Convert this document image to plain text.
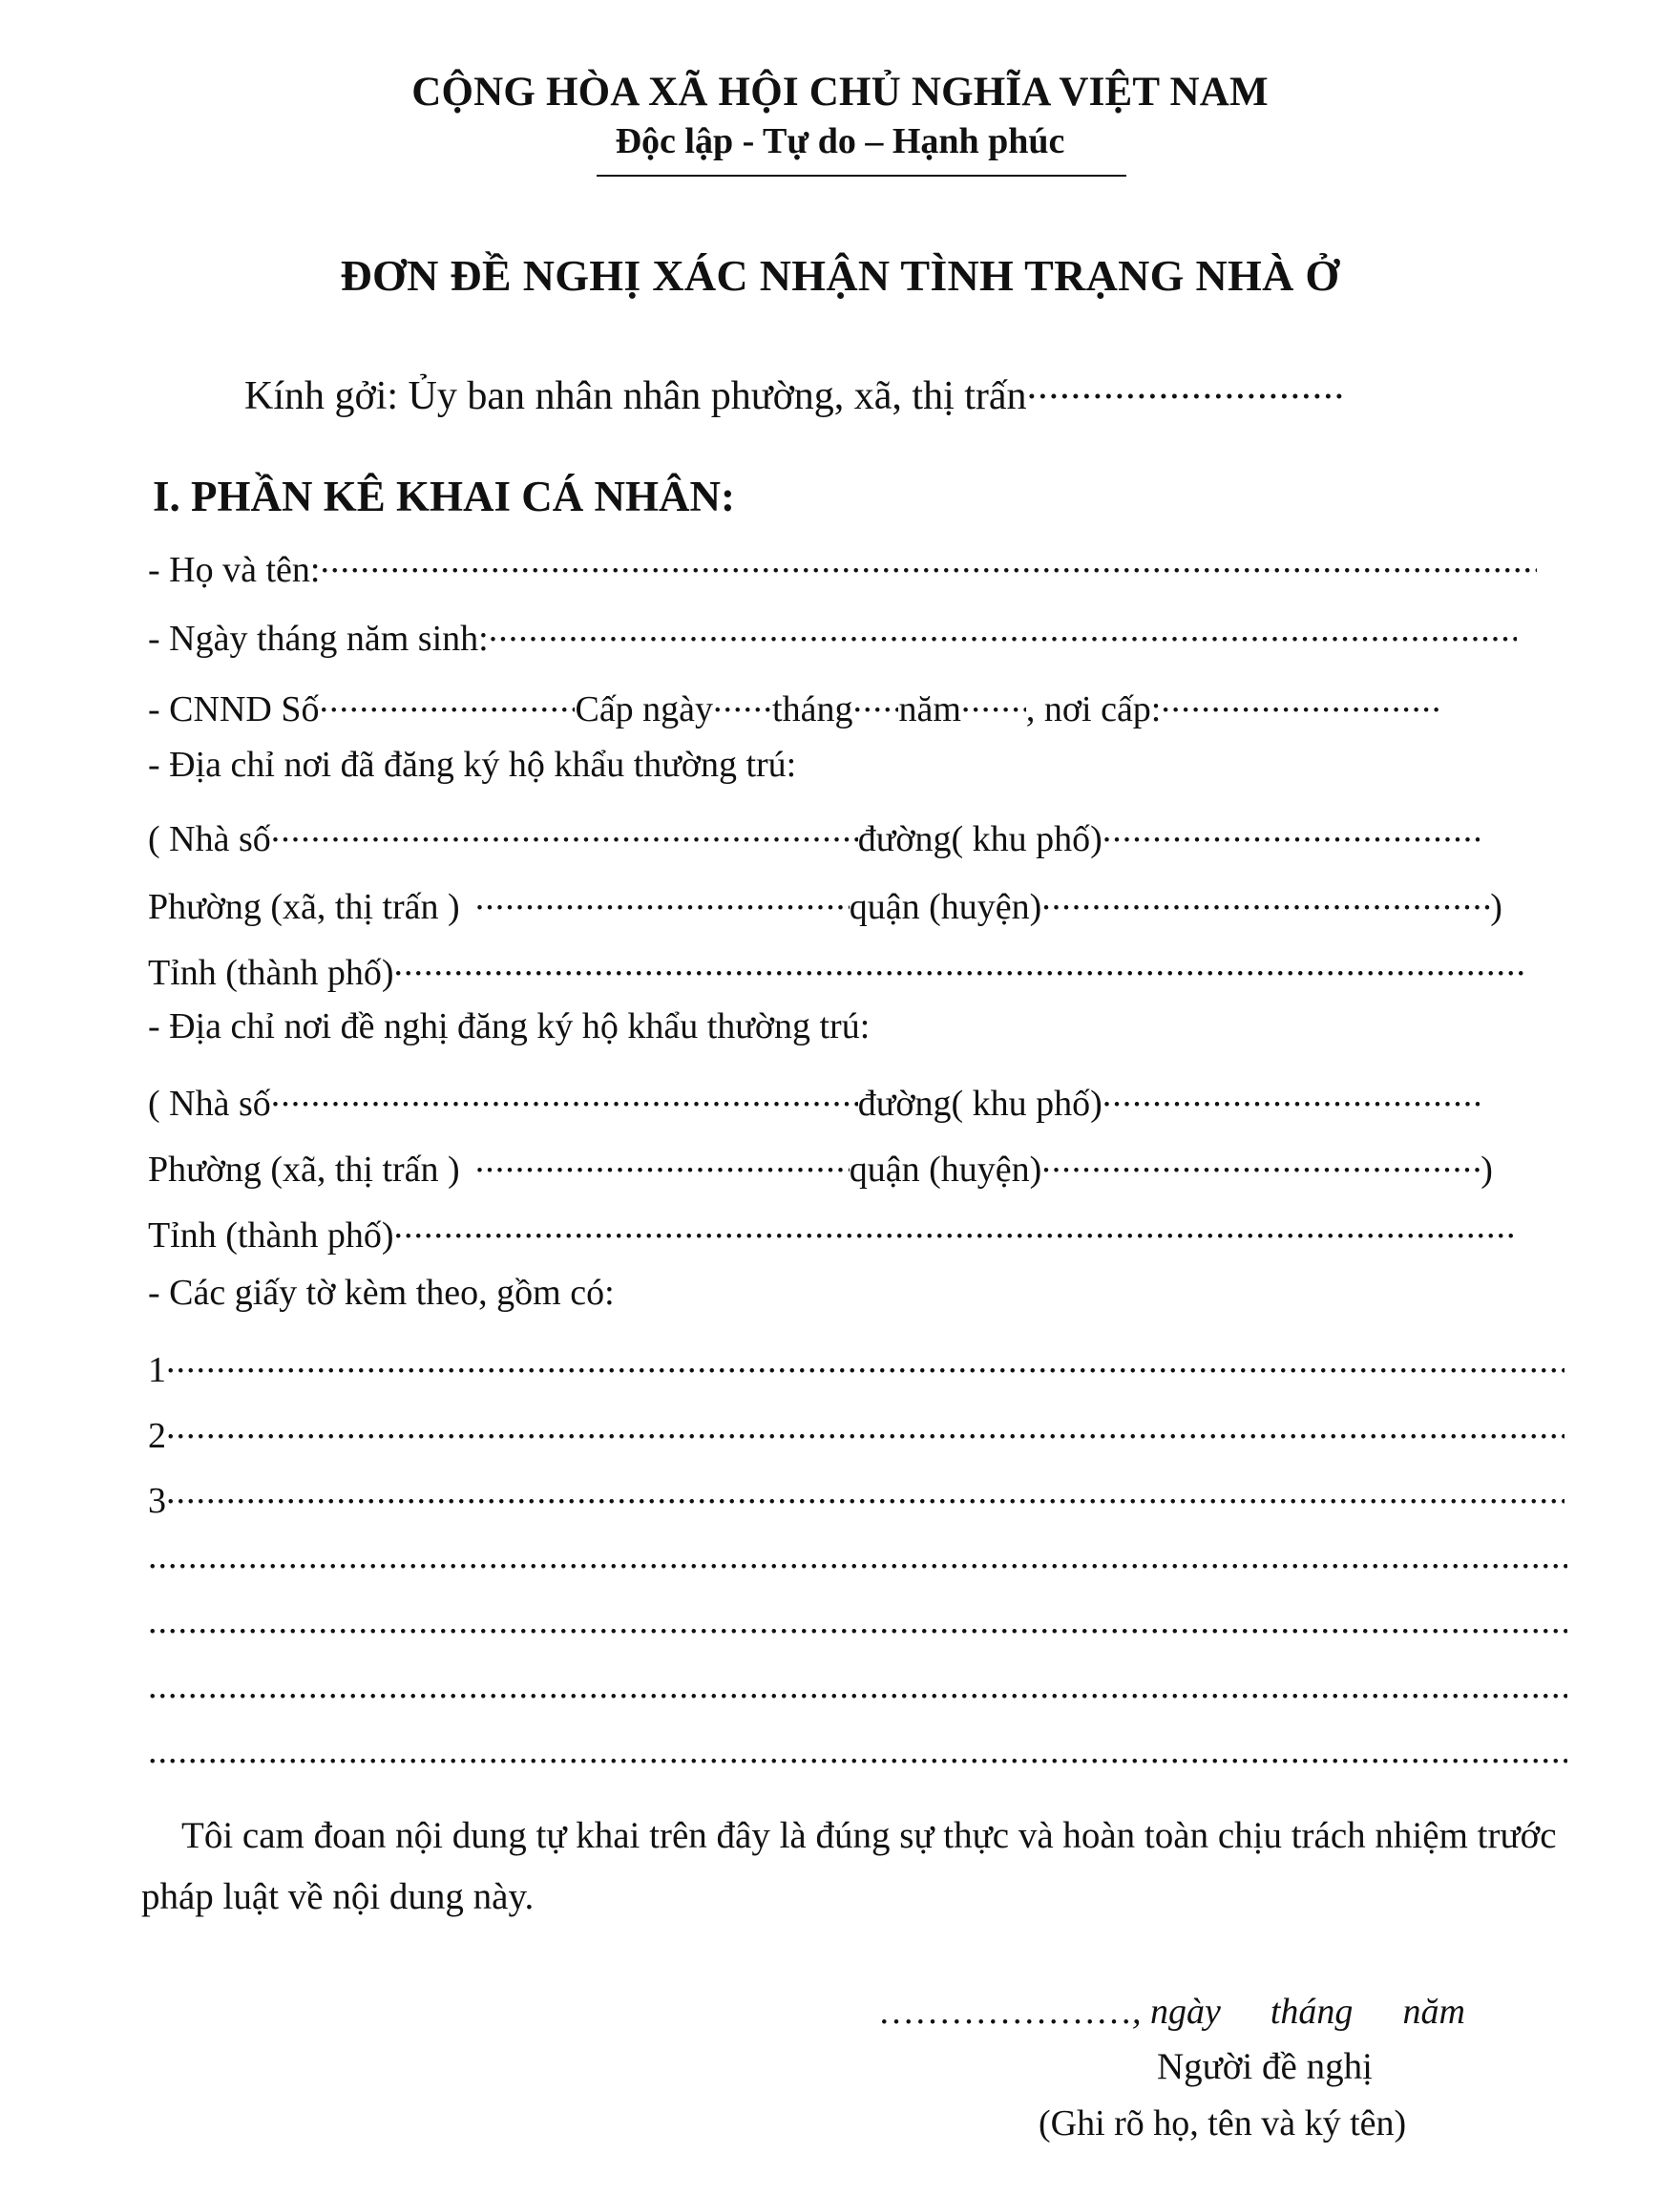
CỘNG HÒA XÃ HỘI CHỦ NGHĨA VIỆT NAM
Độc lập - Tự do – Hạnh phúc
ĐƠN ĐỀ NGHỊ XÁC NHẬN TÌNH TRẠNG NHÀ Ở
Kính gởi: Ủy ban nhân nhân phường, xã, thị trấn.....
I. PHẦN KÊ KHAI CÁ NHÂN:
- Họ và tên:.....
- Ngày tháng năm sinh:.....
- CNND Số .....	Cấp ngày ..... tháng ..... năm ..... , nơi cấp:.....
- Địa chỉ nơi đã đăng ký hộ khẩu thường trú:
( Nhà số .....	đường( khu phố).....
Phường (xã, thị trấn ) .....	quận (huyện) .....	)
Tỉnh (thành phố).....
- Địa chỉ nơi đề nghị đăng ký hộ khẩu thường trú:
( Nhà số .....	đường( khu phố).....
Phường (xã, thị trấn ) .....	quận (huyện) .....	)
Tỉnh (thành phố).....
- Các giấy tờ kèm theo, gồm có:
1.....
2.....
3.....
.....
.....
.....
.....
Tôi cam đoan nội dung tự khai trên đây là đúng sự thực và hoàn toàn chịu trách nhiệm trước pháp luật về nội dung này.
…………………, ngày tháng năm
Người đề nghị
(Ghi rõ họ, tên và ký tên)
